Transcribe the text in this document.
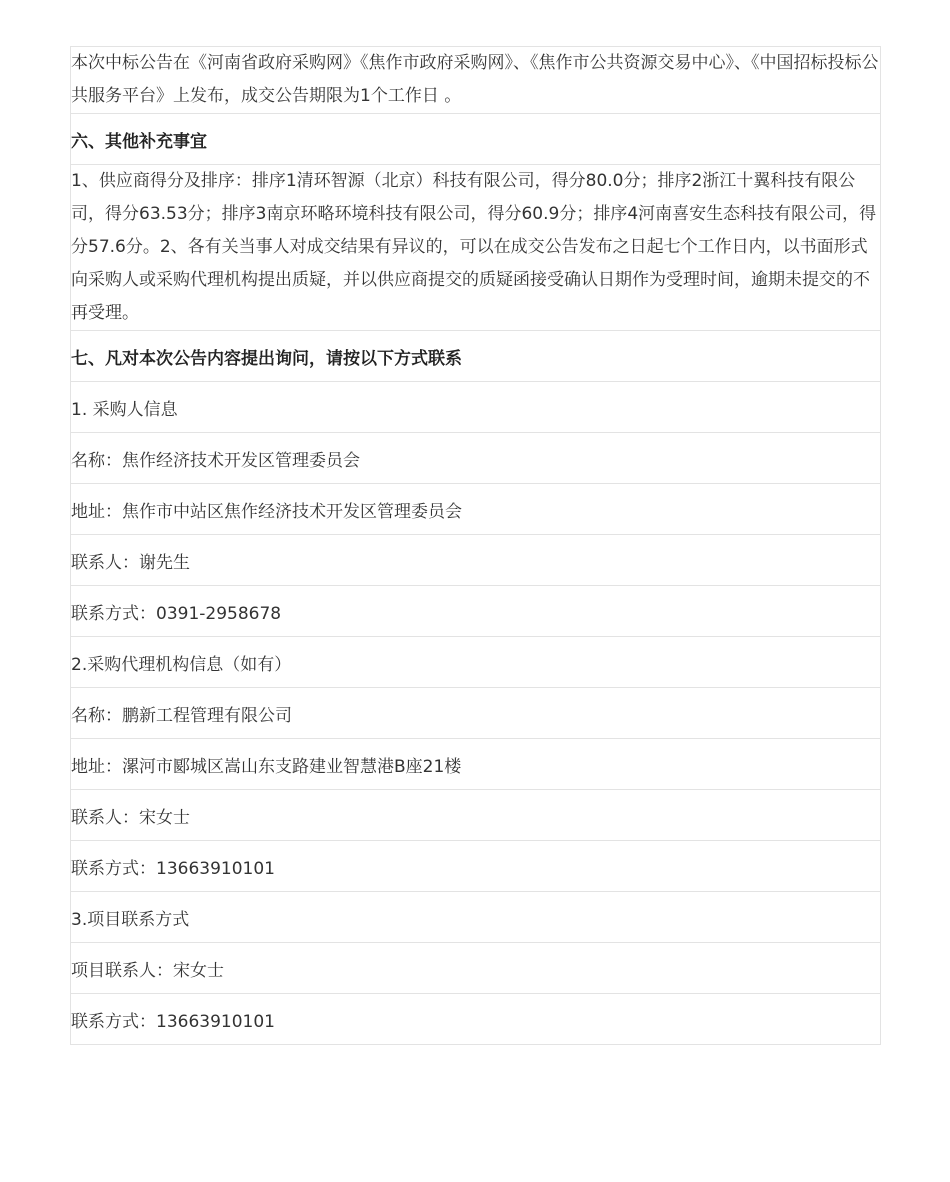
本次中标公告在《河南省政府采购网》《焦作市政府采购网》、《焦作市公共资源交易中心》、《中国招标投标公共服务平台》上发布，成交公告期限为1个工作日 。
六、其他补充事宜
1、供应商得分及排序：排序1清环智源（北京）科技有限公司，得分80.0分；排序2浙江十翼科技有限公司，得分63.53分；排序3南京环略环境科技有限公司，得分60.9分；排序4河南喜安生态科技有限公司，得分57.6分。2、各有关当事人对成交结果有异议的，可以在成交公告发布之日起七个工作日内，以书面形式向采购人或采购代理机构提出质疑，并以供应商提交的质疑函接受确认日期作为受理时间，逾期未提交的不再受理。
七、凡对本次公告内容提出询问，请按以下方式联系
1. 采购人信息
名称：焦作经济技术开发区管理委员会
地址：焦作市中站区焦作经济技术开发区管理委员会
联系人：谢先生
联系方式：0391-2958678
2.采购代理机构信息（如有）
名称：鹏新工程管理有限公司
地址：漯河市郾城区嵩山东支路建业智慧港B座21楼
联系人：宋女士
联系方式：13663910101
3.项目联系方式
项目联系人：宋女士
联系方式：13663910101
